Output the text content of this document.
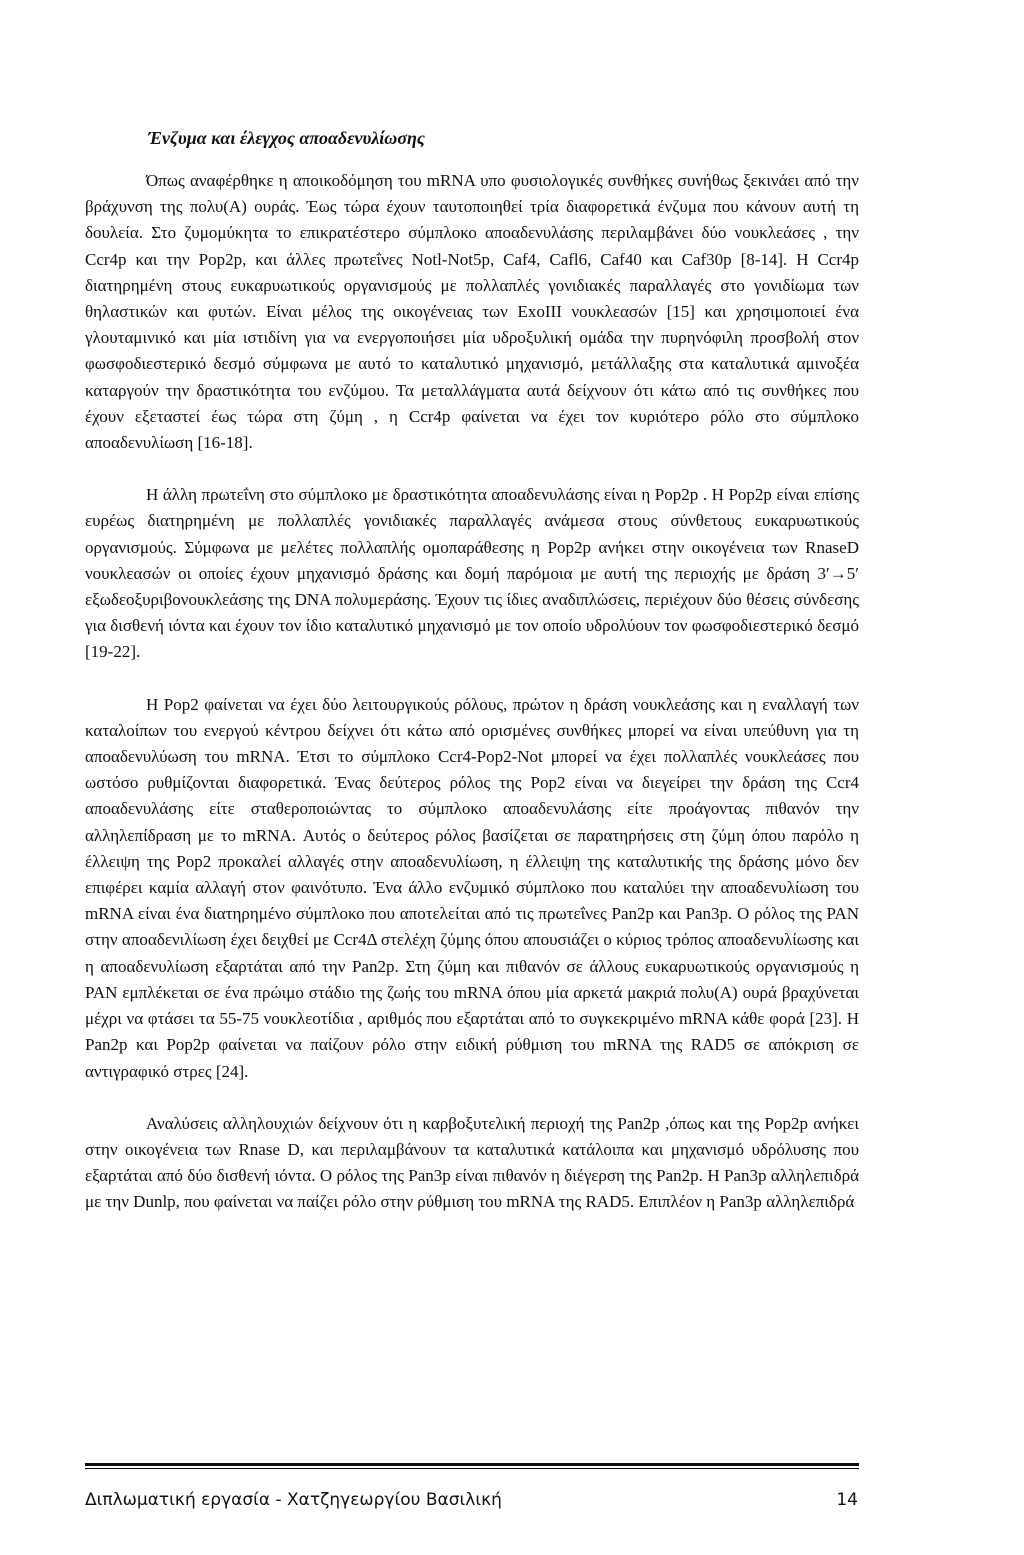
Ένζυμα και έλεγχος αποαδενυλίωσης

Όπως αναφέρθηκε η αποικοδόμηση του mRNA υπο φυσιολογικές συνθήκες συνήθως ξεκινάει από την βράχυνση της πολυ(A) ουράς. Έως τώρα έχουν ταυτοποιηθεί τρία διαφορετικά ένζυμα που κάνουν αυτή τη δουλεία. Στο ζυμομύκητα το επικρατέστερο σύμπλοκο αποαδενυλάσης περιλαμβάνει δύο νουκλεάσες , την Ccr4p και την Pop2p, και άλλες πρωτεΐνες Notl-Not5p, Caf4, Cafl6, Caf40 και Caf30p [8-14]. Η Ccr4p διατηρημένη στους ευκαρυωτικούς οργανισμούς με πολλαπλές γονιδιακές παραλλαγές στο γονιδίωμα των θηλαστικών και φυτών. Είναι μέλος της οικογένειας των ExoIII νουκλεασών [15] και χρησιμοποιεί ένα γλουταμινικό και μία ιστιδίνη για να ενεργοποιήσει μία υδροξυλική ομάδα την πυρηνόφιλη προσβολή στον φωσφοδιεστερικό δεσμό σύμφωνα με αυτό το καταλυτικό μηχανισμό, μετάλλαξης στα καταλυτικά αμινοξέα καταργούν την δραστικότητα του ενζύμου. Τα μεταλλάγματα αυτά δείχνουν ότι κάτω από τις συνθήκες που έχουν εξεταστεί έως τώρα στη ζύμη , η Ccr4p φαίνεται να έχει τον κυριότερο ρόλο στο σύμπλοκο αποαδενυλίωση [16-18].

Η άλλη πρωτεΐνη στο σύμπλοκο με δραστικότητα αποαδενυλάσης είναι η Pop2p . Η Pop2p είναι επίσης ευρέως διατηρημένη με πολλαπλές γονιδιακές παραλλαγές ανάμεσα στους σύνθετους ευκαρυωτικούς οργανισμούς. Σύμφωνα με μελέτες πολλαπλής ομοπαράθεσης η Pop2p ανήκει στην οικογένεια των RnaseD νουκλεασών οι οποίες έχουν μηχανισμό δράσης και δομή παρόμοια με αυτή της περιοχής με δράση 3′→5′ εξωδεοξυριβονουκλεάσης της DNA πολυμεράσης. Έχουν τις ίδιες αναδιπλώσεις, περιέχουν δύο θέσεις σύνδεσης για δισθενή ιόντα και έχουν τον ίδιο καταλυτικό μηχανισμό με τον οποίο υδρολύουν τον φωσφοδιεστερικό δεσμό [19-22].

Η Pop2 φαίνεται να έχει δύο λειτουργικούς ρόλους, πρώτον η δράση νουκλεάσης και η εναλλαγή των καταλοίπων του ενεργού κέντρου δείχνει ότι κάτω από ορισμένες συνθήκες μπορεί να είναι υπεύθυνη για τη αποαδενυλύωση του mRNA. Έτσι το σύμπλοκο Ccr4-Pop2-Not μπορεί να έχει πολλαπλές νουκλεάσες που ωστόσο ρυθμίζονται διαφορετικά. Ένας δεύτερος ρόλος της Pop2 είναι να διεγείρει την δράση της Ccr4 αποαδενυλάσης είτε σταθεροποιώντας το σύμπλοκο αποαδενυλάσης είτε προάγοντας πιθανόν την αλληλεπίδραση με το mRNA. Αυτός ο δεύτερος ρόλος βασίζεται σε παρατηρήσεις στη ζύμη όπου παρόλο η έλλειψη της Pop2 προκαλεί αλλαγές στην αποαδενυλίωση, η έλλειψη της καταλυτικής της δράσης μόνο δεν επιφέρει καμία αλλαγή στον φαινότυπο. Ένα άλλο ενζυμικό σύμπλοκο που καταλύει την αποαδενυλίωση του mRNA είναι ένα διατηρημένο σύμπλοκο που αποτελείται από τις πρωτεΐνες Pan2p και Pan3p. Ο ρόλος της PAN στην αποαδενιλίωση έχει δειχθεί με Ccr4Δ στελέχη ζύμης όπου απουσιάζει ο κύριος τρόπος αποαδενυλίωσης και η αποαδενυλίωση εξαρτάται από την Pan2p. Στη ζύμη και πιθανόν σε άλλους ευκαρυωτικούς οργανισμούς η PAN εμπλέκεται σε ένα πρώιμο στάδιο της ζωής του mRNA όπου μία αρκετά μακριά πολυ(A) ουρά βραχύνεται μέχρι να φτάσει τα 55-75 νουκλεοτίδια , αριθμός που εξαρτάται από το συγκεκριμένο mRNA κάθε φορά [23]. Η Pan2p και Pop2p φαίνεται να παίζουν ρόλο στην ειδική ρύθμιση του mRNA της RAD5 σε απόκριση σε αντιγραφικό στρες [24].

Αναλύσεις αλληλουχιών δείχνουν ότι η καρβοξυτελική περιοχή της Pan2p ,όπως και της Pop2p ανήκει στην οικογένεια των Rnase D, και περιλαμβάνουν τα καταλυτικά κατάλοιπα και μηχανισμό υδρόλυσης που εξαρτάται από δύο δισθενή ιόντα. Ο ρόλος της Pan3p είναι πιθανόν η διέγερση της Pan2p. Η Pan3p αλληλεπιδρά με την Dunlp, που φαίνεται να παίζει ρόλο στην ρύθμιση του mRNA της RAD5. Επιπλέον η Pan3p αλληλεπιδρά

Διπλωματική εργασία - Χατζηγεωργίου Βασιλική	14
